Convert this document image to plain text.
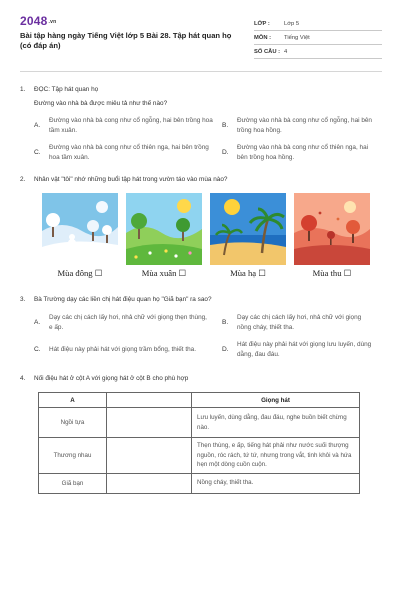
2048.vn
Bài tập hàng ngày Tiếng Việt lớp 5 Bài 28. Tập hát quan họ (có đáp án)
LỚP :	Lớp 5
MÔN :	Tiếng Việt
SỐ CÂU : 4
1.	ĐỌC: Tập hát quan họ
Đường vào nhà bà được miêu tả như thế nào?
A.
Đường vào nhà bà cong như cổ ngỗng, hai bên trồng hoa tầm xuân.
B.
Đường vào nhà bà cong như cổ ngỗng, hai bên trồng hoa hồng.
C.
Đường vào nhà bà cong như cổ thiên nga, hai bên trồng hoa tầm xuân.
D.
Đường vào nhà bà cong như cổ thiên nga, hai bên trồng hoa hồng.
2.	Nhân vật "tôi" nhớ những buổi tập hát trong vườn táo vào mùa nào?
Mùa đông ☐	Mùa xuân ☐	Mùa hạ ☐	Mùa thu ☐
3.	Bà Trường dạy các liền chị hát điệu quan họ "Giã bạn" ra sao?
A.
Dạy các chị cách lấy hơi, nhả chữ với giọng thẹn thùng, e ấp.
B.
Dạy các chị cách lấy hơi, nhả chữ với giọng nồng cháy, thiết tha.
C.	Hát điệu này phải hát với giọng trầm bổng, thiết tha.	D.
Hát điệu này phải hát với giọng lưu luyến, dùng dằng, đau đáu.
4.	Nối điệu hát ở cột A với giọng hát ở cột B cho phù hợp
A		Giọng hát
Ngồi tựa		Lưu luyến, dùng dằng, đau đáu, nghe buồn biết chừng nào.
Thương nhau		Thẹn thùng, e ấp, tiếng hát phải như nước suối thượng nguồn, róc rách, tứ tứ, nhưng trong vắt, tinh khôi và hứa hẹn một dòng cuồn cuộn.
Giã bạn		Nồng cháy, thiết tha.
